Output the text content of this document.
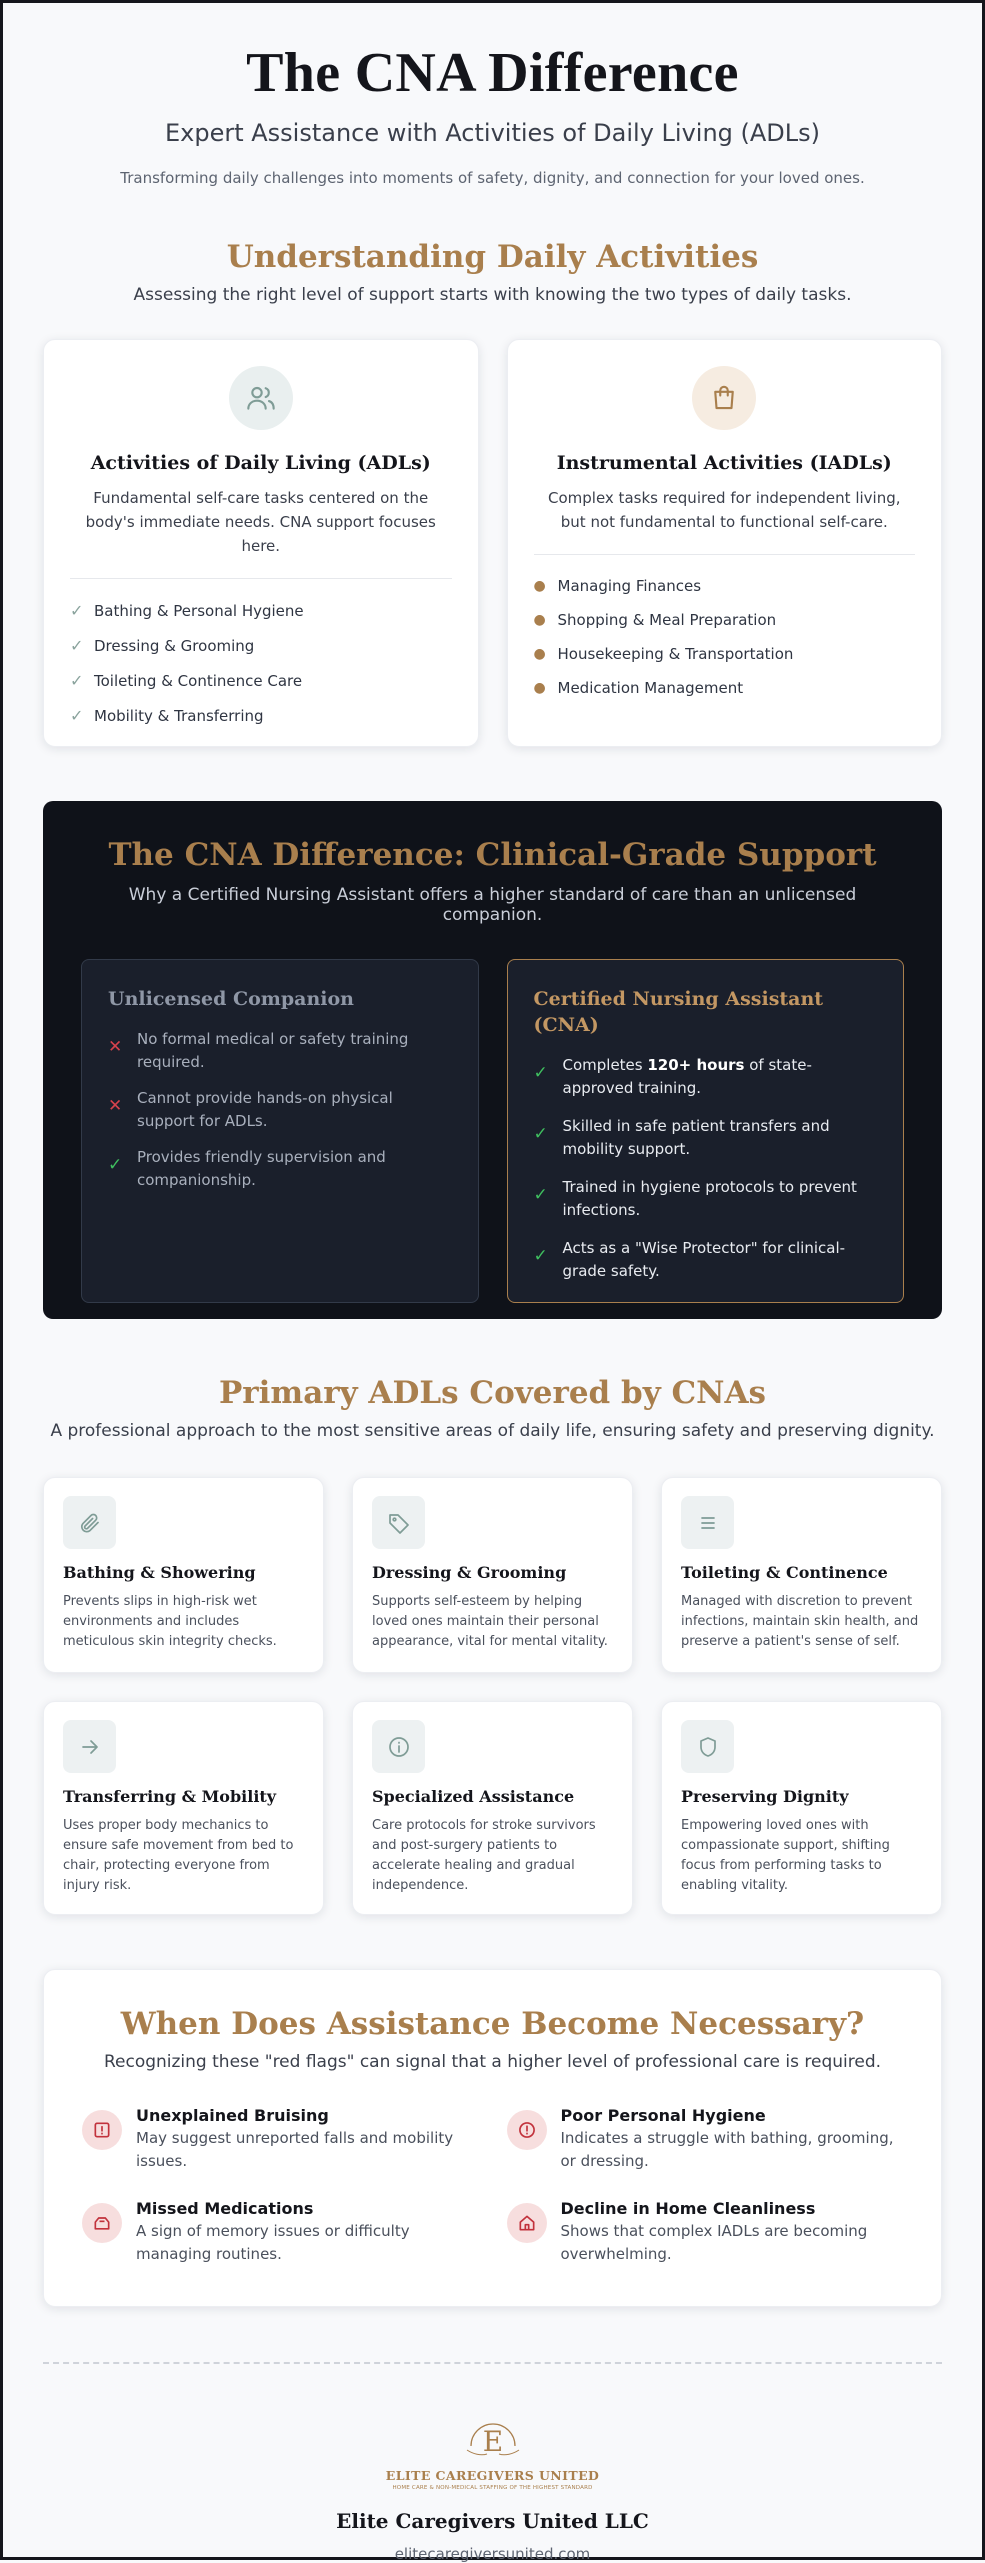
The CNA Difference
Expert Assistance with Activities of Daily Living (ADLs)

Transforming daily challenges into moments of safety, dignity, and connection for your loved ones.

Understanding Daily Activities
Assessing the right level of support starts with knowing the two types of daily tasks.
Activities of Daily Living (ADLs)

Fundamental self-care tasks centered on the body's immediate needs. CNA support focuses here.

✓ Bathing & Personal Hygiene
✓ Dressing & Grooming
✓ Toileting & Continence Care
✓ Mobility & Transferring
Instrumental Activities (IADLs)

Complex tasks required for independent living, but not fundamental to functional self-care.

● Managing Finances
● Shopping & Meal Preparation
● Housekeeping & Transportation
● Medication Management
The CNA Difference: Clinical-Grade Support
Why a Certified Nursing Assistant offers a higher standard of care than an unlicensed companion.
Unlicensed Companion
✕ No formal medical or safety training required.
✕ Cannot provide hands-on physical support for ADLs.
✓ Provides friendly supervision and companionship.
Certified Nursing Assistant (CNA)
✓ Completes 120+ hours of state-approved training.
✓ Skilled in safe patient transfers and mobility support.
✓ Trained in hygiene protocols to prevent infections.
✓ Acts as a "Wise Protector" for clinical-grade safety.
Primary ADLs Covered by CNAs
A professional approach to the most sensitive areas of daily life, ensuring safety and preserving dignity.
Bathing & Showering

Prevents slips in high-risk wet environments and includes meticulous skin integrity checks.

Dressing & Grooming

Supports self-esteem by helping loved ones maintain their personal appearance, vital for mental vitality.

Toileting & Continence

Managed with discretion to prevent infections, maintain skin health, and preserve a patient's sense of self.

Transferring & Mobility

Uses proper body mechanics to ensure safe movement from bed to chair, protecting everyone from injury risk.

Specialized Assistance

Care protocols for stroke survivors and post-surgery patients to accelerate healing and gradual independence.

Preserving Dignity

Empowering loved ones with compassionate support, shifting focus from performing tasks to enabling vitality.

When Does Assistance Become Necessary?
Recognizing these "red flags" can signal that a higher level of professional care is required.
Unexplained Bruising

May suggest unreported falls and mobility issues.

Poor Personal Hygiene

Indicates a struggle with bathing, grooming, or dressing.

Missed Medications

A sign of memory issues or difficulty managing routines.

Decline in Home Cleanliness

Shows that complex IADLs are becoming overwhelming.

E
ELITE CAREGIVERS UNITED
HOME CARE & NON-MEDICAL STAFFING OF THE HIGHEST STANDARD
Elite Caregivers United LLC
elitecaregiversunited.com
